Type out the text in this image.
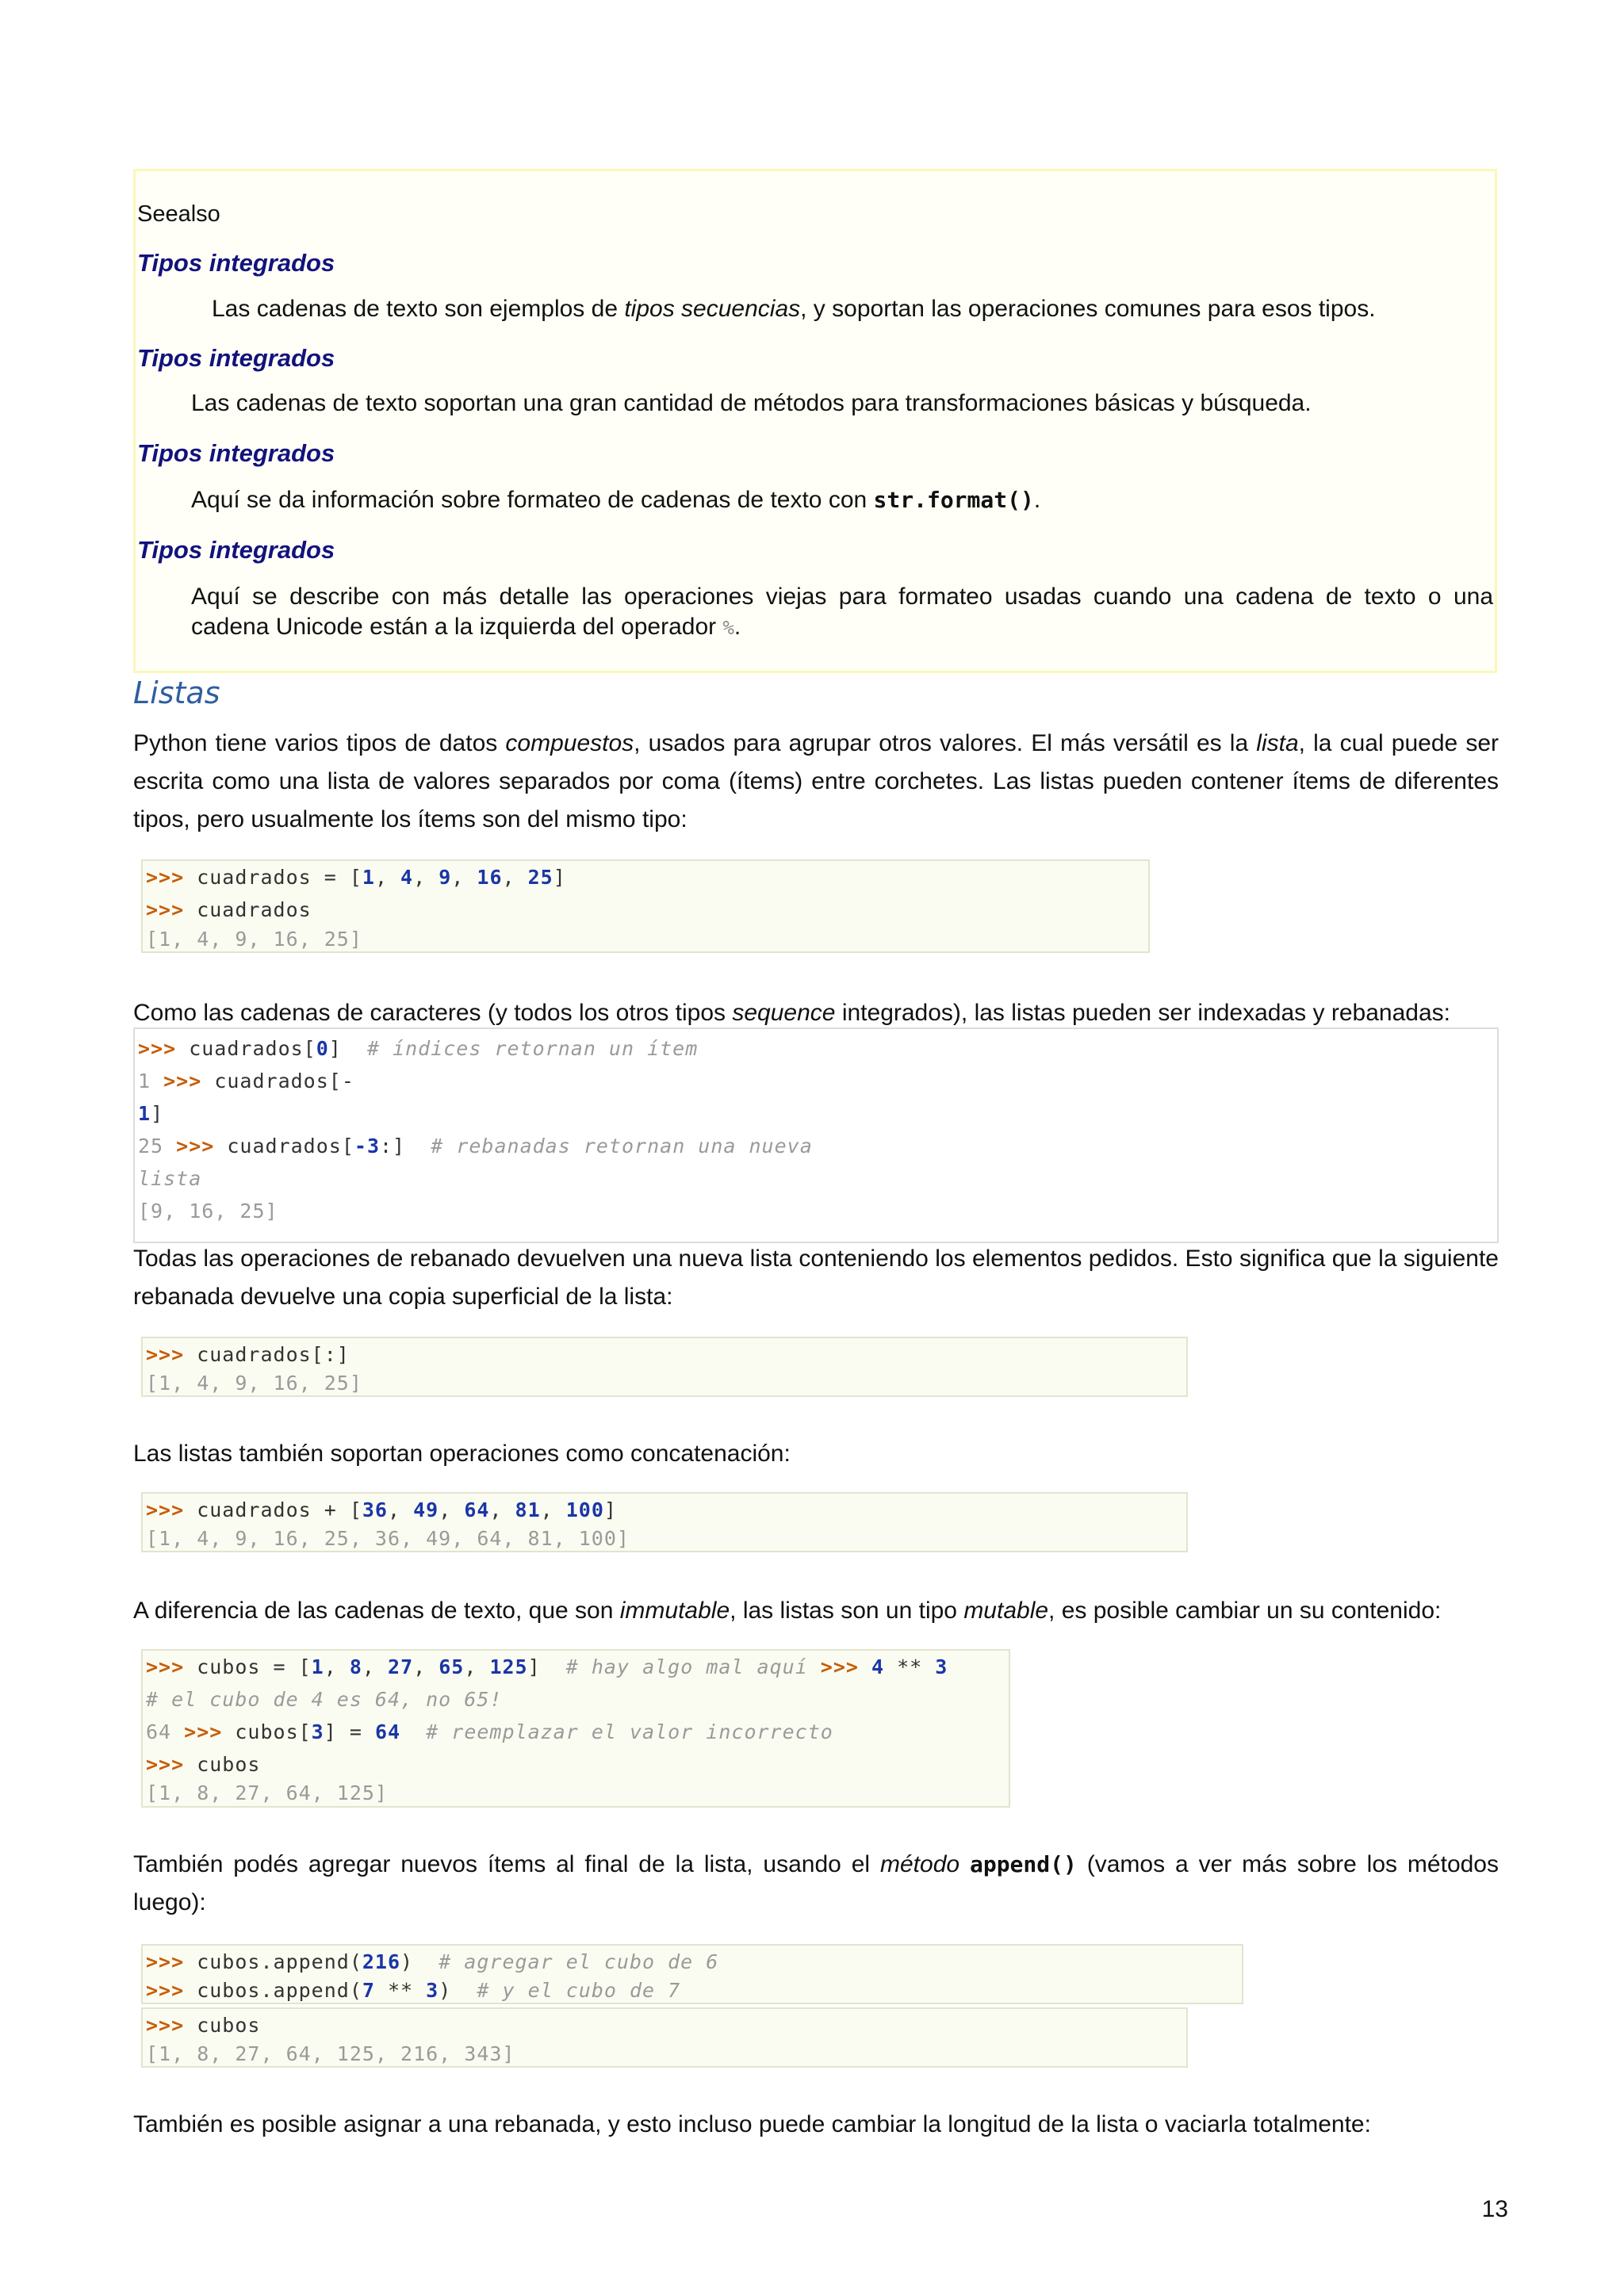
Seealso
Tipos integrados
Las cadenas de texto son ejemplos de tipos secuencias, y soportan las operaciones comunes para esos tipos.
Tipos integrados
Las cadenas de texto soportan una gran cantidad de métodos para transformaciones básicas y búsqueda.
Tipos integrados
Aquí se da información sobre formateo de cadenas de texto con str.format().
Tipos integrados
Aquí se describe con más detalle las operaciones viejas para formateo usadas cuando una cadena de texto o una
cadena Unicode están a la izquierda del operador %.
Listas
Python tiene varios tipos de datos compuestos, usados para agrupar otros valores. El más versátil es la lista, la cual puede ser escrita como una lista de valores separados por coma (ítems) entre corchetes. Las listas pueden contener ítems de diferentes tipos, pero usualmente los ítems son del mismo tipo:

>>> cuadrados = [1, 4, 9, 16, 25]

>>> cuadrados

[1, 4, 9, 16, 25]

Como las cadenas de caracteres (y todos los otros tipos sequence integrados), las listas pueden ser indexadas y rebanadas:

>>> cuadrados[0]  # índices retornan un ítem

1 >>> cuadrados[-

1]

25 >>> cuadrados[-3:]  # rebanadas retornan una nueva

lista

[9, 16, 25]

Todas las operaciones de rebanado devuelven una nueva lista conteniendo los elementos pedidos. Esto significa que la siguiente rebanada devuelve una copia superficial de la lista:

>>> cuadrados[:]

[1, 4, 9, 16, 25]

Las listas también soportan operaciones como concatenación:

>>> cuadrados + [36, 49, 64, 81, 100]

[1, 4, 9, 16, 25, 36, 49, 64, 81, 100]

A diferencia de las cadenas de texto, que son immutable, las listas son un tipo mutable, es posible cambiar un su contenido:

>>> cubos = [1, 8, 27, 65, 125]  # hay algo mal aquí >>> 4 ** 3

# el cubo de 4 es 64, no 65!

64 >>> cubos[3] = 64 # reemplazar el valor incorrecto

>>> cubos

[1, 8, 27, 64, 125]

También podés agregar nuevos ítems al final de la lista, usando el método append() (vamos a ver más sobre los métodos luego):

>>> cubos.append(216)  # agregar el cubo de 6

>>> cubos.append(7 ** 3)  # y el cubo de 7

>>> cubos

[1, 8, 27, 64, 125, 216, 343]

También es posible asignar a una rebanada, y esto incluso puede cambiar la longitud de la lista o vaciarla totalmente:
13
